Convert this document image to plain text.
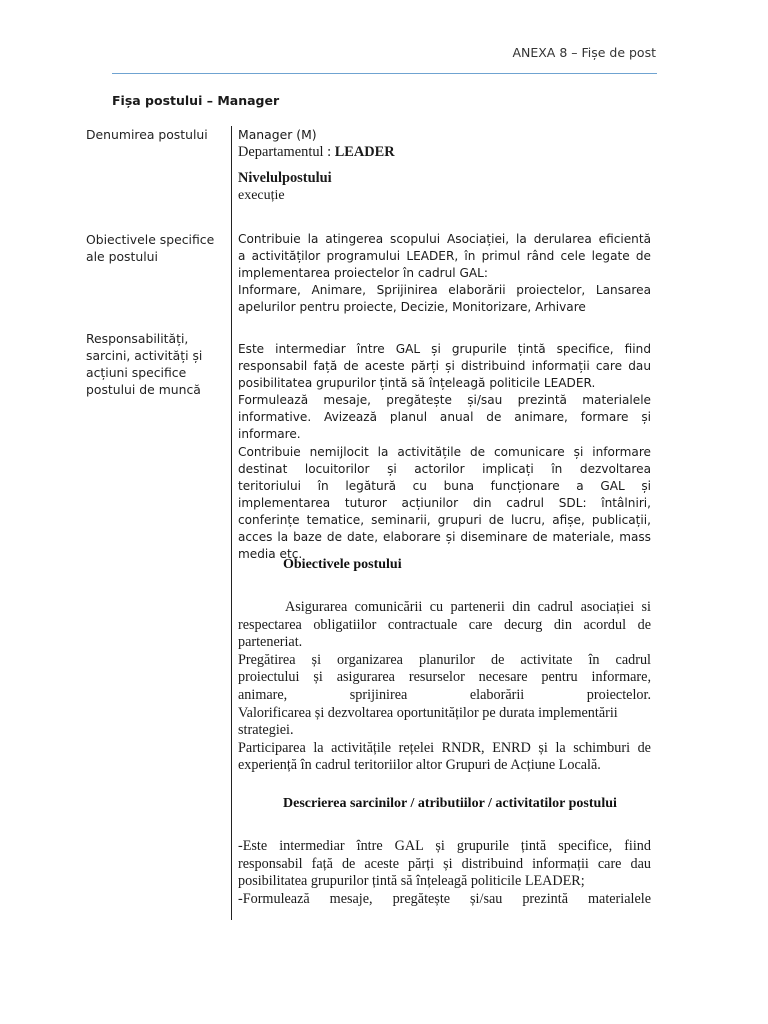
ANEXA 8 – Fișe de post
Fișa postului – Manager
Denumirea postului	Manager (M)
Departamentul : LEADER
Nivelulpostului
execuție
Obiectivele specifice
ale postului
Contribuie la atingerea scopului Asociației, la derularea eficientă
a activităților programului LEADER, în primul rând cele legate de
implementarea proiectelor în cadrul GAL:
Informare, Animare, Sprijinirea elaborării proiectelor, Lansarea
apelurilor pentru proiecte, Decizie, Monitorizare, Arhivare
Responsabilități,
sarcini, activități și
acțiuni specifice
postului de muncă
Este intermediar între GAL și grupurile țintă specifice, fiind
responsabil față de aceste părți și distribuind informații care dau
posibilitatea grupurilor țintă să înțeleagă politicile LEADER.
Formulează mesaje, pregătește și/sau prezintă materialele
informative. Avizează planul anual de animare, formare și
informare.
Contribuie nemijlocit la activitățile de comunicare și informare
destinat locuitorilor și actorilor implicați în dezvoltarea
teritoriului în legătură cu buna funcționare a GAL și
implementarea tuturor acțiunilor din cadrul SDL: întâlniri,
conferințe tematice, seminarii, grupuri de lucru, afișe, publicații,
acces la baze de date, elaborare și diseminare de materiale, mass
media etc.
Obiectivele postului
Asigurarea comunicării cu partenerii din cadrul asociației si
respectarea obligatiilor contractuale care decurg din acordul de
parteneriat.
Pregătirea și organizarea planurilor de activitate în cadrul
proiectului și asigurarea resurselor necesare pentru informare,
animare, sprijinirea elaborării proiectelor.
Valorificarea și dezvoltarea oportunităților pe durata implementării
strategiei.
Participarea la activitățile rețelei RNDR, ENRD și la schimburi de
experiență în cadrul teritoriilor altor Grupuri de Acțiune Locală.
Descrierea sarcinilor / atributiilor / activitatilor postului
-Este intermediar între GAL și grupurile țintă specifice, fiind
responsabil față de aceste părți și distribuind informații care dau
posibilitatea grupurilor țintă să înțeleagă politicile LEADER;
-Formulează mesaje, pregătește și/sau prezintă materialele
